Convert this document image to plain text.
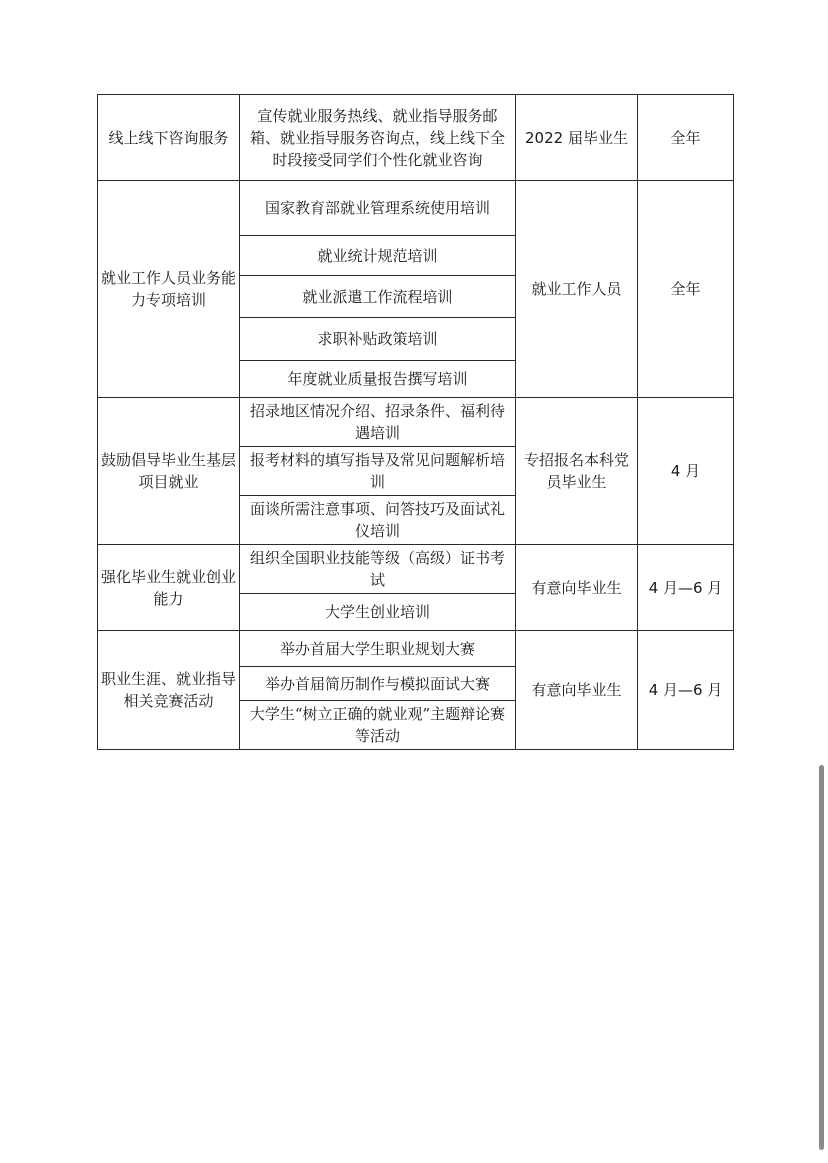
线上线下咨询服务	宣传就业服务热线、就业指导服务邮箱、就业指导服务咨询点，线上线下全时段接受同学们个性化就业咨询	2022 届毕业生	全年
就业工作人员业务能力专项培训	国家教育部就业管理系统使用培训	就业工作人员	全年
	就业统计规范培训		
	就业派遣工作流程培训		
	求职补贴政策培训		
	年度就业质量报告撰写培训		
鼓励倡导毕业生基层项目就业	招录地区情况介绍、招录条件、福利待遇培训	专招报名本科党员毕业生	4 月
	报考材料的填写指导及常见问题解析培训		
	面谈所需注意事项、问答技巧及面试礼仪培训		
强化毕业生就业创业能力	组织全国职业技能等级（高级）证书考试	有意向毕业生	4 月—6 月
	大学生创业培训		
职业生涯、就业指导相关竞赛活动	举办首届大学生职业规划大赛	有意向毕业生	4 月—6 月
	举办首届简历制作与模拟面试大赛		
	大学生“树立正确的就业观”主题辩论赛等活动		
